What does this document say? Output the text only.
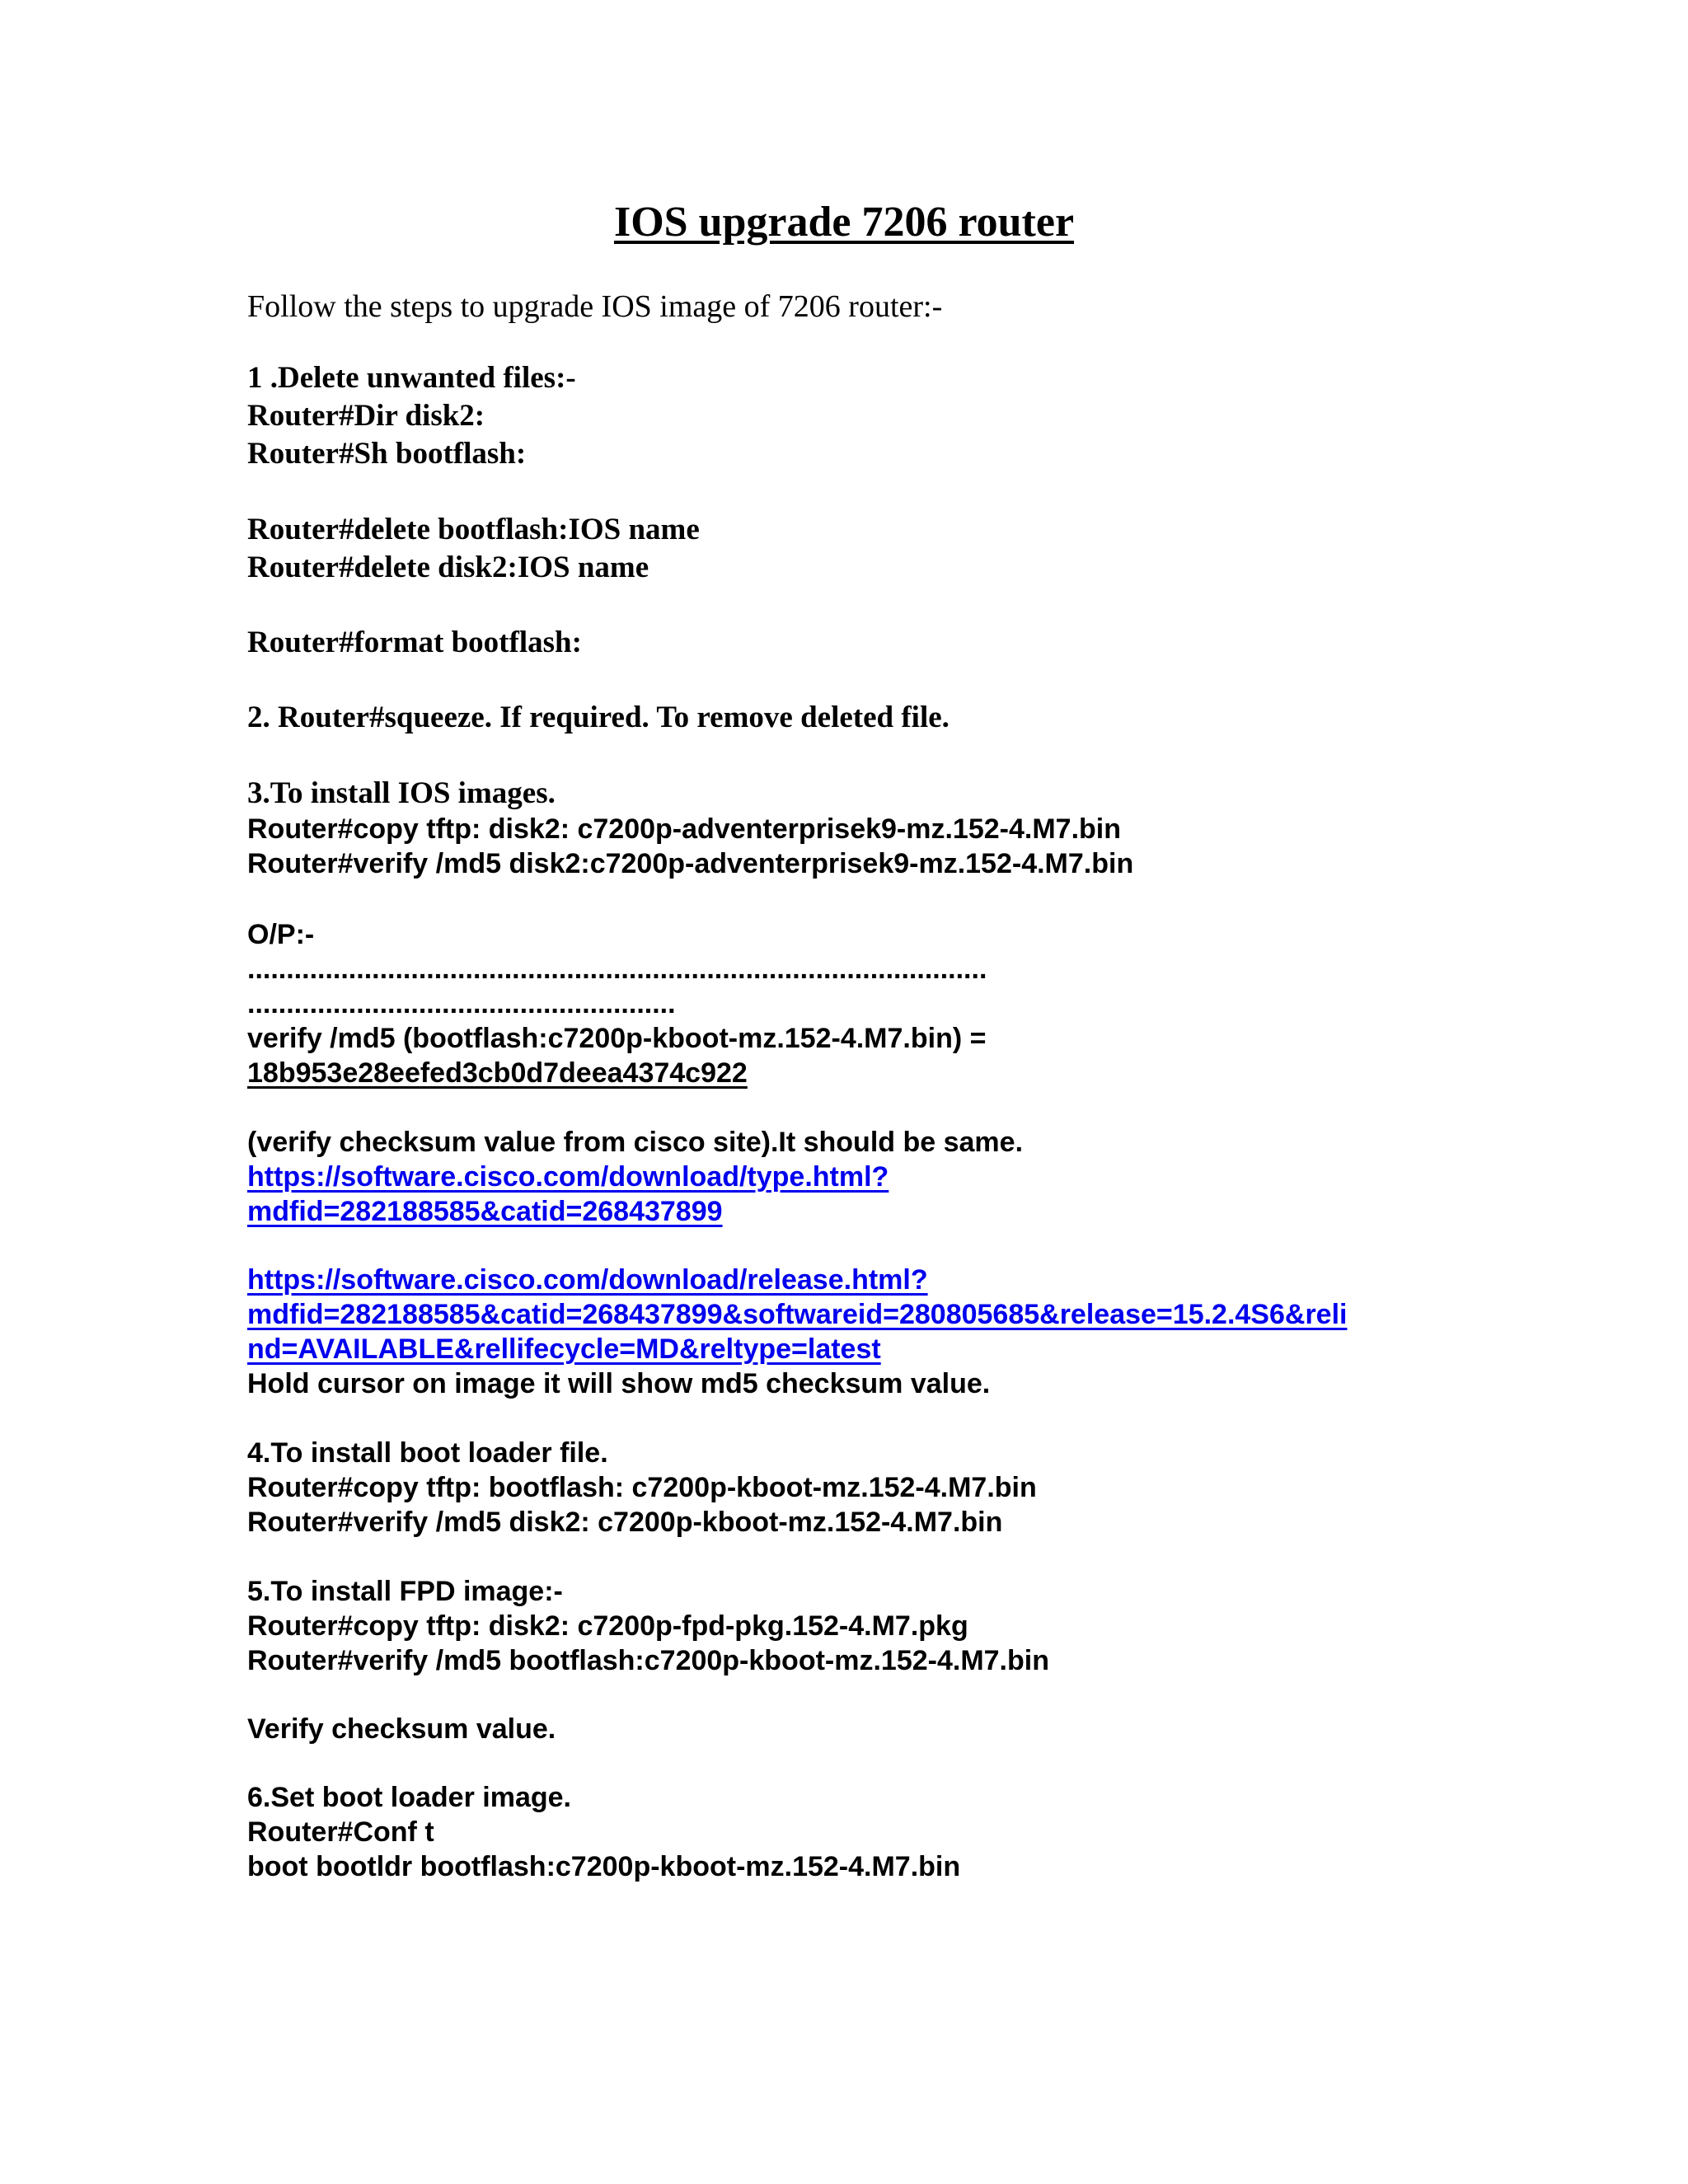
IOS upgrade 7206 router
Follow the steps to upgrade IOS image of 7206 router:-
1 .Delete unwanted files:-
Router#Dir disk2:
Router#Sh bootflash:
Router#delete bootflash:IOS name
Router#delete disk2:IOS name
Router#format bootflash:
2. Router#squeeze. If required. To remove deleted file.
3.To install IOS images.
Router#copy tftp: disk2: c7200p-adventerprisek9-mz.152-4.M7.bin
Router#verify /md5 disk2:c7200p-adventerprisek9-mz.152-4.M7.bin
O/P:-
...............................................................................................
.......................................................
verify /md5 (bootflash:c7200p-kboot-mz.152-4.M7.bin) =
18b953e28eefed3cb0d7deea4374c922
(verify checksum value from cisco site).It should be same.
https://software.cisco.com/download/type.html?
mdfid=282188585&catid=268437899
https://software.cisco.com/download/release.html?
mdfid=282188585&catid=268437899&softwareid=280805685&release=15.2.4S6&reli
nd=AVAILABLE&rellifecycle=MD&reltype=latest
Hold cursor on image it will show md5 checksum value.
4.To install boot loader file.
Router#copy tftp: bootflash: c7200p-kboot-mz.152-4.M7.bin
Router#verify /md5 disk2: c7200p-kboot-mz.152-4.M7.bin
5.To install FPD image:-
Router#copy tftp: disk2: c7200p-fpd-pkg.152-4.M7.pkg
Router#verify /md5 bootflash:c7200p-kboot-mz.152-4.M7.bin
Verify checksum value.
6.Set boot loader image.
Router#Conf t
boot bootldr bootflash:c7200p-kboot-mz.152-4.M7.bin
